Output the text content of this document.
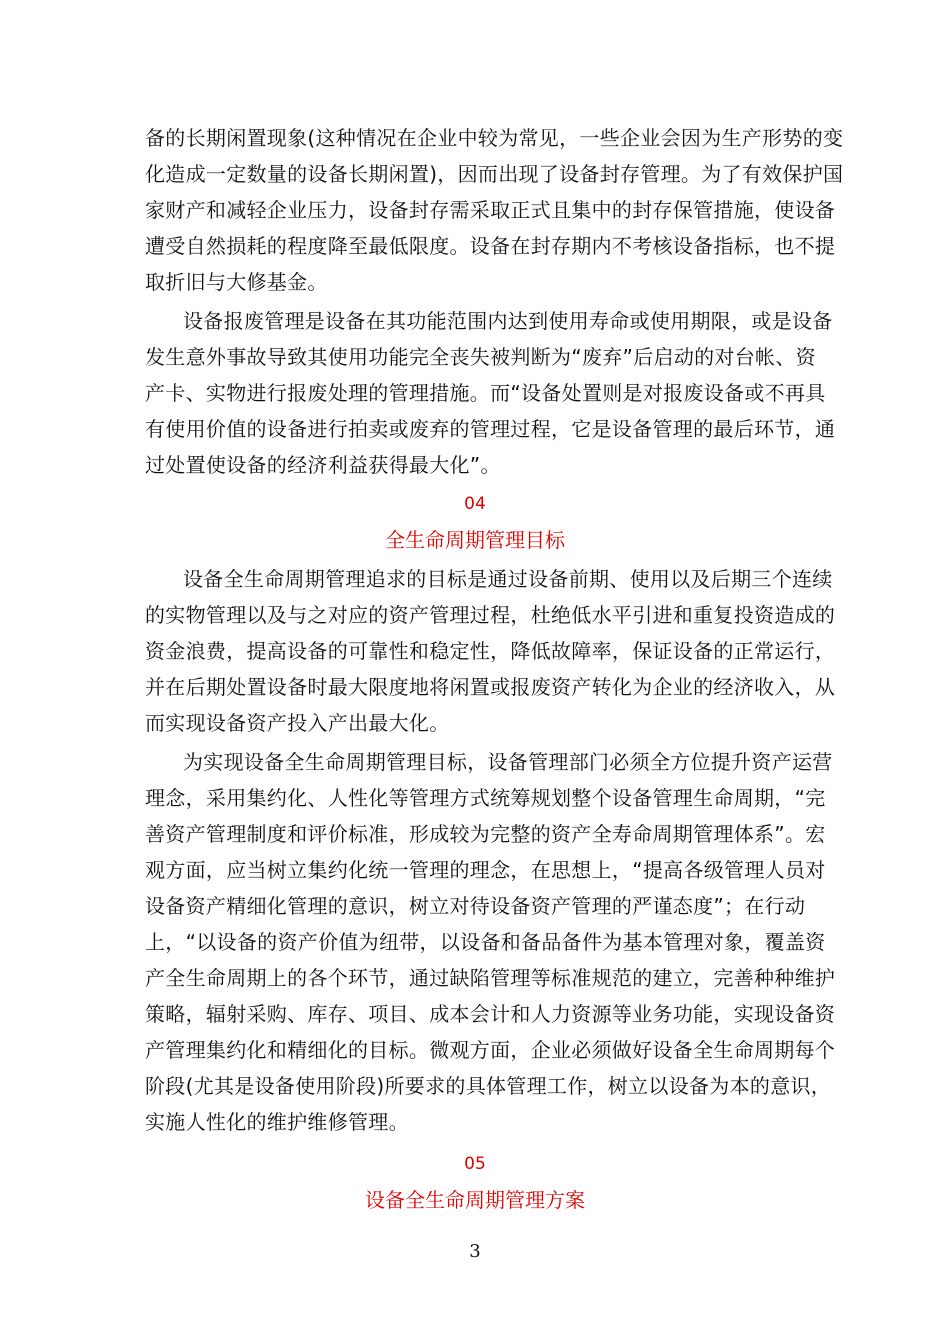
备的长期闲置现象(这种情况在企业中较为常见，一些企业会因为生产形势的变
化造成一定数量的设备长期闲置)，因而出现了设备封存管理。为了有效保护国
家财产和减轻企业压力，设备封存需采取正式且集中的封存保管措施，使设备
遭受自然损耗的程度降至最低限度。设备在封存期内不考核设备指标，也不提
取折旧与大修基金。
设备报废管理是设备在其功能范围内达到使用寿命或使用期限，或是设备
发生意外事故导致其使用功能完全丧失被判断为“废弃”后启动的对台帐、资
产卡、实物进行报废处理的管理措施。而“设备处置则是对报废设备或不再具
有使用价值的设备进行拍卖或废弃的管理过程，它是设备管理的最后环节，通
过处置使设备的经济利益获得最大化”。
04
全生命周期管理目标
设备全生命周期管理追求的目标是通过设备前期、使用以及后期三个连续
的实物管理以及与之对应的资产管理过程，杜绝低水平引进和重复投资造成的
资金浪费，提高设备的可靠性和稳定性，降低故障率，保证设备的正常运行，
并在后期处置设备时最大限度地将闲置或报废资产转化为企业的经济收入，从
而实现设备资产投入产出最大化。
为实现设备全生命周期管理目标，设备管理部门必须全方位提升资产运营
理念，采用集约化、人性化等管理方式统筹规划整个设备管理生命周期，“完
善资产管理制度和评价标准，形成较为完整的资产全寿命周期管理体系”。宏
观方面，应当树立集约化统一管理的理念，在思想上，“提高各级管理人员对
设备资产精细化管理的意识，树立对待设备资产管理的严谨态度”；在行动
上，“以设备的资产价值为纽带，以设备和备品备件为基本管理对象，覆盖资
产全生命周期上的各个环节，通过缺陷管理等标准规范的建立，完善种种维护
策略，辐射采购、库存、项目、成本会计和人力资源等业务功能，实现设备资
产管理集约化和精细化的目标。微观方面，企业必须做好设备全生命周期每个
阶段(尤其是设备使用阶段)所要求的具体管理工作，树立以设备为本的意识，
实施人性化的维护维修管理。
05
设备全生命周期管理方案
3
